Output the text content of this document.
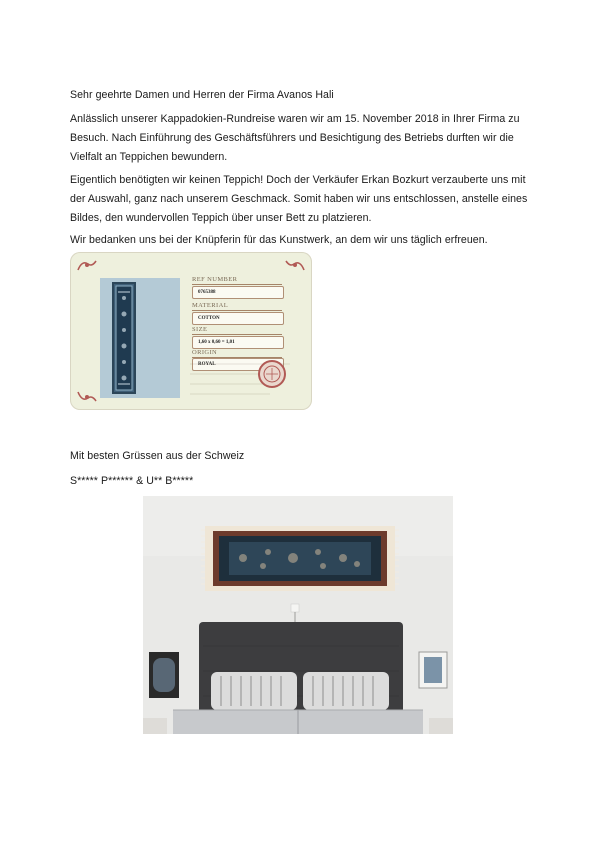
Sehr geehrte Damen und Herren der Firma Avanos Hali

Anlässlich unserer Kappadokien-Rundreise waren wir am 15. November 2018 in Ihrer Firma zu Besuch. Nach Einführung des Geschäftsführers und Besichtigung des Betriebs durften wir die Vielfalt an Teppichen bewundern.

Eigentlich benötigten wir keinen Teppich! Doch der Verkäufer Erkan Bozkurt verzauberte uns mit der Auswahl, ganz nach unserem Geschmack. Somit haben wir uns entschlossen, anstelle eines Bildes, den wundervollen Teppich über unser Bett zu platzieren.

Wir bedanken uns bei der Knüpferin für das Kunstwerk, an dem wir uns täglich erfreuen.

REF NUMBER
0765388
MATERIAL
COTTON
SIZE
1,60 x 0,60 = 1,01
ORIGIN
ROYAL

Mit besten Grüssen aus der Schweiz

S***** P****** & U** B*****
